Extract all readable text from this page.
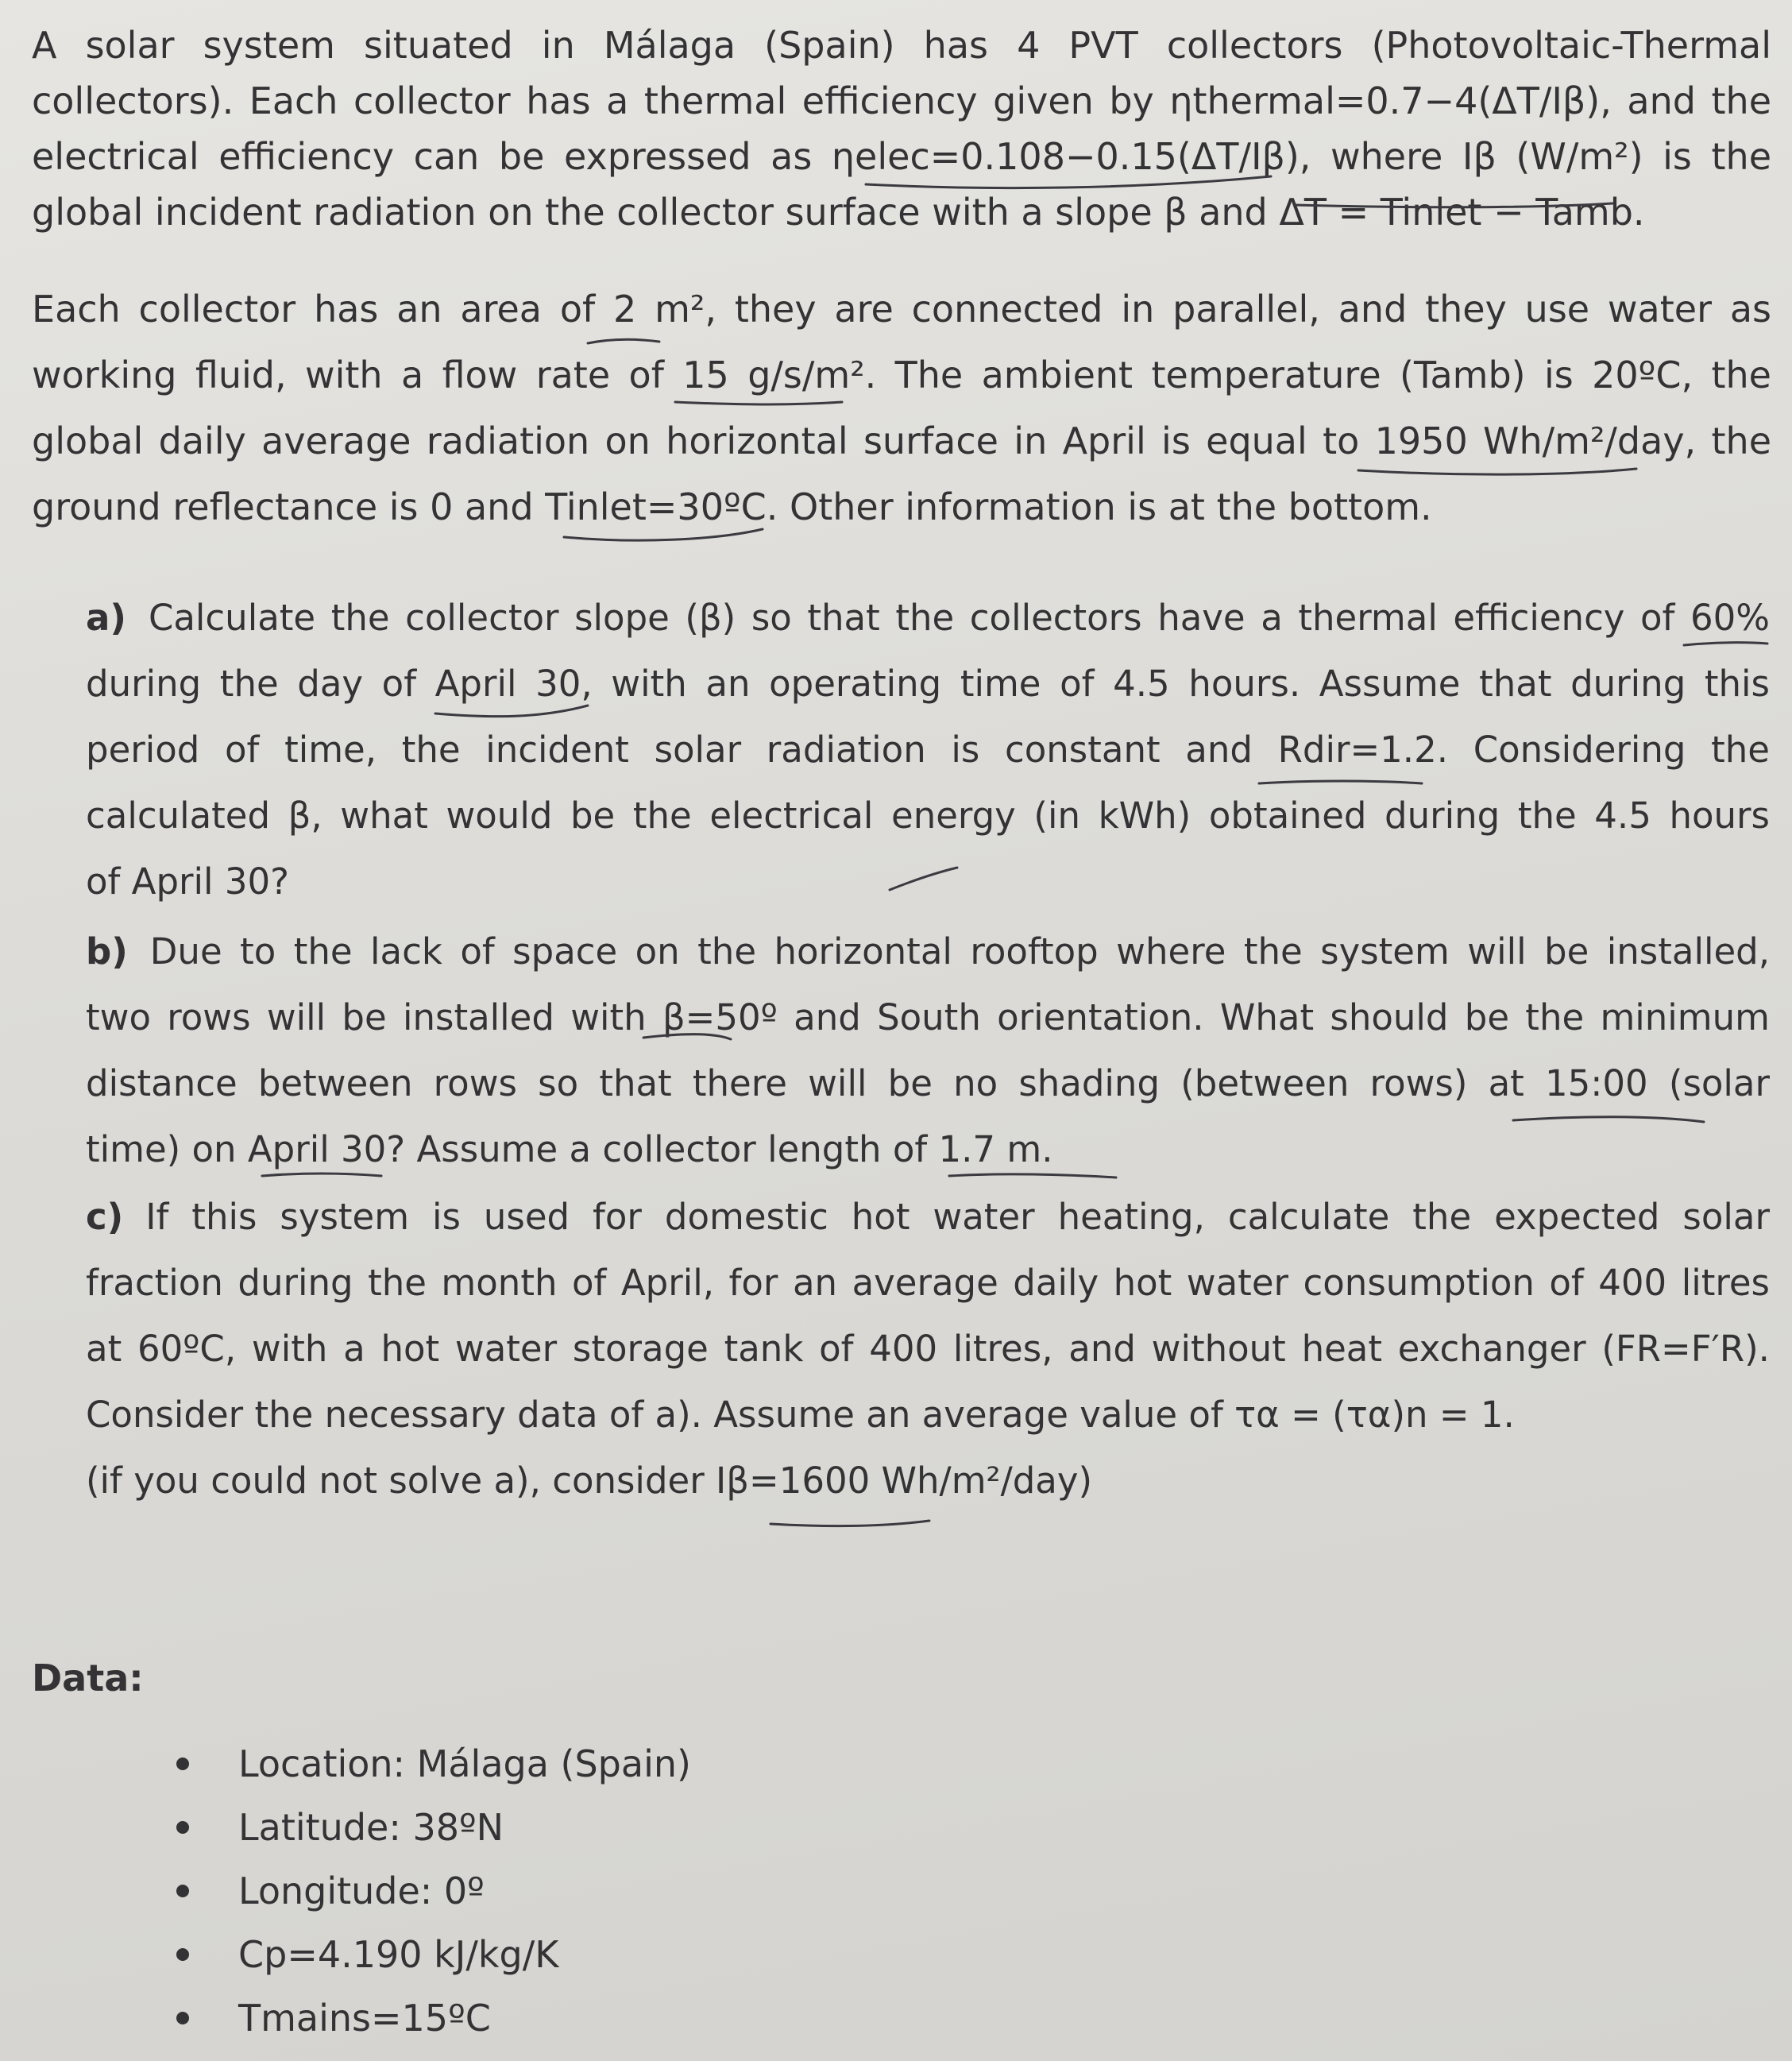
A solar system situated in Málaga (Spain) has 4 PVT collectors (Photovoltaic-Thermal
collectors). Each collector has a thermal efficiency given by ηthermal=0.7−4(ΔT/Iβ), and the
electrical efficiency can be expressed as ηelec=0.108−0.15(ΔT/Iβ), where Iβ (W/m²) is the
global incident radiation on the collector surface with a slope β and ΔT = Tinlet − Tamb.
Each collector has an area of 2 m², they are connected in parallel, and they use water as
working fluid, with a flow rate of 15 g/s/m². The ambient temperature (Tamb) is 20ºC, the
global daily average radiation on horizontal surface in April is equal to 1950 Wh/m²/day, the
ground reflectance is 0 and Tinlet=30ºC. Other information is at the bottom.
a) Calculate the collector slope (β) so that the collectors have a thermal efficiency of 60%
during the day of April 30, with an operating time of 4.5 hours. Assume that during this
period of time, the incident solar radiation is constant and Rdir=1.2. Considering the
calculated β, what would be the electrical energy (in kWh) obtained during the 4.5 hours
of April 30?
b) Due to the lack of space on the horizontal rooftop where the system will be installed,
two rows will be installed with β=50º and South orientation. What should be the minimum
distance between rows so that there will be no shading (between rows) at 15:00 (solar
time) on April 30? Assume a collector length of 1.7 m.
c) If this system is used for domestic hot water heating, calculate the expected solar
fraction during the month of April, for an average daily hot water consumption of 400 litres
at 60ºC, with a hot water storage tank of 400 litres, and without heat exchanger (FR=F′R).
Consider the necessary data of a). Assume an average value of τα = (τα)n = 1.
(if you could not solve a), consider Iβ=1600 Wh/m²/day)

Data:

Location: Málaga (Spain)
Latitude: 38ºN
Longitude: 0º
Cp=4.190 kJ/kg/K
Tmains=15ºC
